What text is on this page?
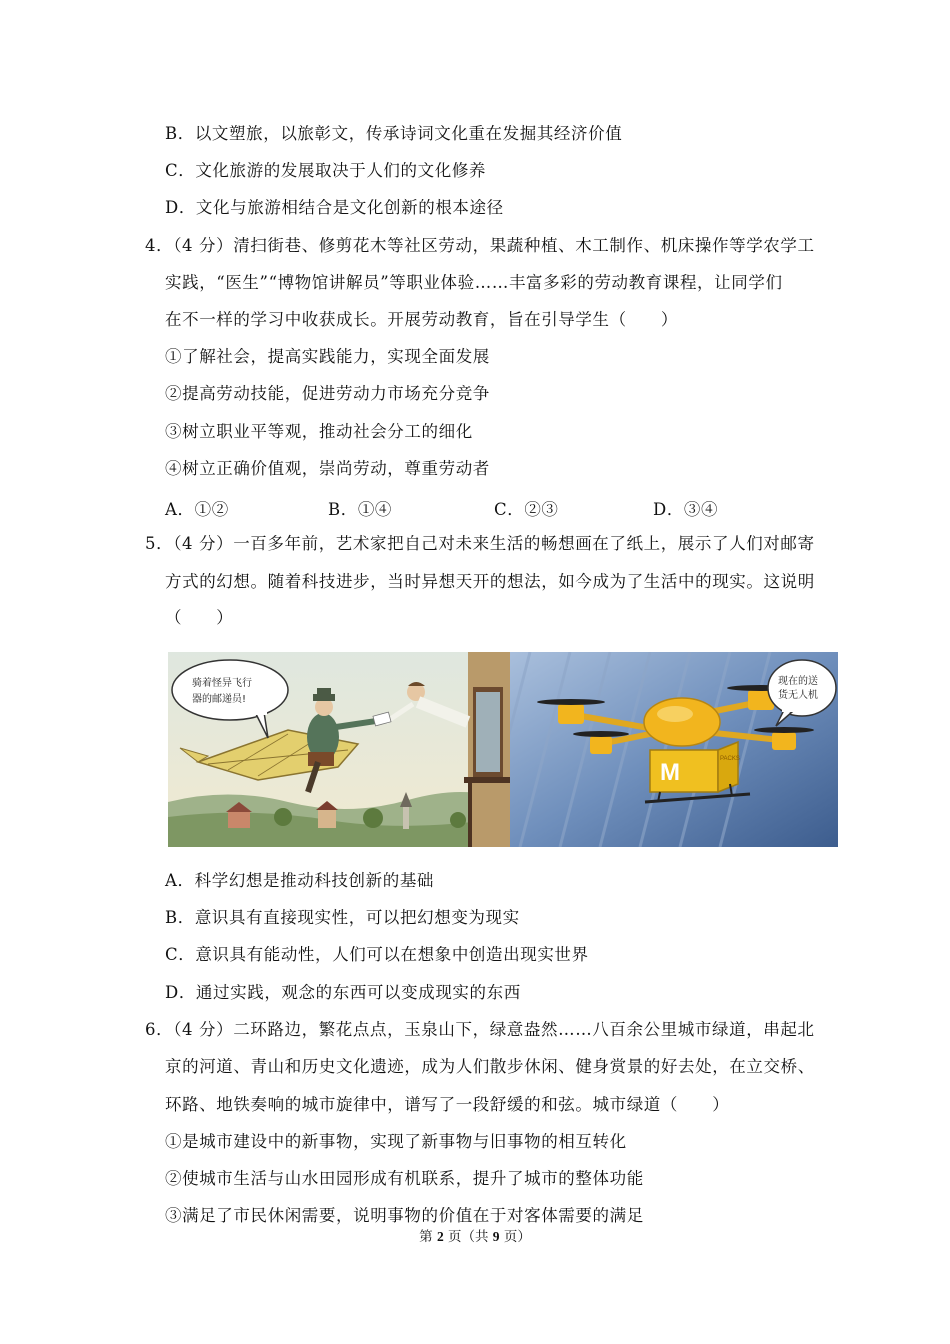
B．以文塑旅，以旅彰文，传承诗词文化重在发掘其经济价值
C．文化旅游的发展取决于人们的文化修养
D．文化与旅游相结合是文化创新的根本途径
4．（4 分）清扫街巷、修剪花木等社区劳动，果蔬种植、木工制作、机床操作等学农学工
实践，“医生”“博物馆讲解员”等职业体验……丰富多彩的劳动教育课程，让同学们
在不一样的学习中收获成长。开展劳动教育，旨在引导学生（　　）
①了解社会，提高实践能力，实现全面发展
②提高劳动技能，促进劳动力市场充分竞争
③树立职业平等观，推动社会分工的细化
④树立正确价值观，崇尚劳动，尊重劳动者
A．①②	B．①④	C．②③	D．③④
5．（4 分）一百多年前，艺术家把自己对未来生活的畅想画在了纸上，展示了人们对邮寄
方式的幻想。随着科技进步，当时异想天开的想法，如今成为了生活中的现实。这说明
（　　）
骑着怪异飞行
器的邮递员!
M	PACKS
现在的送
货无人机
A．科学幻想是推动科技创新的基础
B．意识具有直接现实性，可以把幻想变为现实
C．意识具有能动性，人们可以在想象中创造出现实世界
D．通过实践，观念的东西可以变成现实的东西
6．（4 分）二环路边，繁花点点，玉泉山下，绿意盎然……八百余公里城市绿道，串起北
京的河道、青山和历史文化遗迹，成为人们散步休闲、健身赏景的好去处，在立交桥、
环路、地铁奏响的城市旋律中，谱写了一段舒缓的和弦。城市绿道（　　）
①是城市建设中的新事物，实现了新事物与旧事物的相互转化
②使城市生活与山水田园形成有机联系，提升了城市的整体功能
③满足了市民休闲需要，说明事物的价值在于对客体需要的满足
第 2 页（共 9 页）
